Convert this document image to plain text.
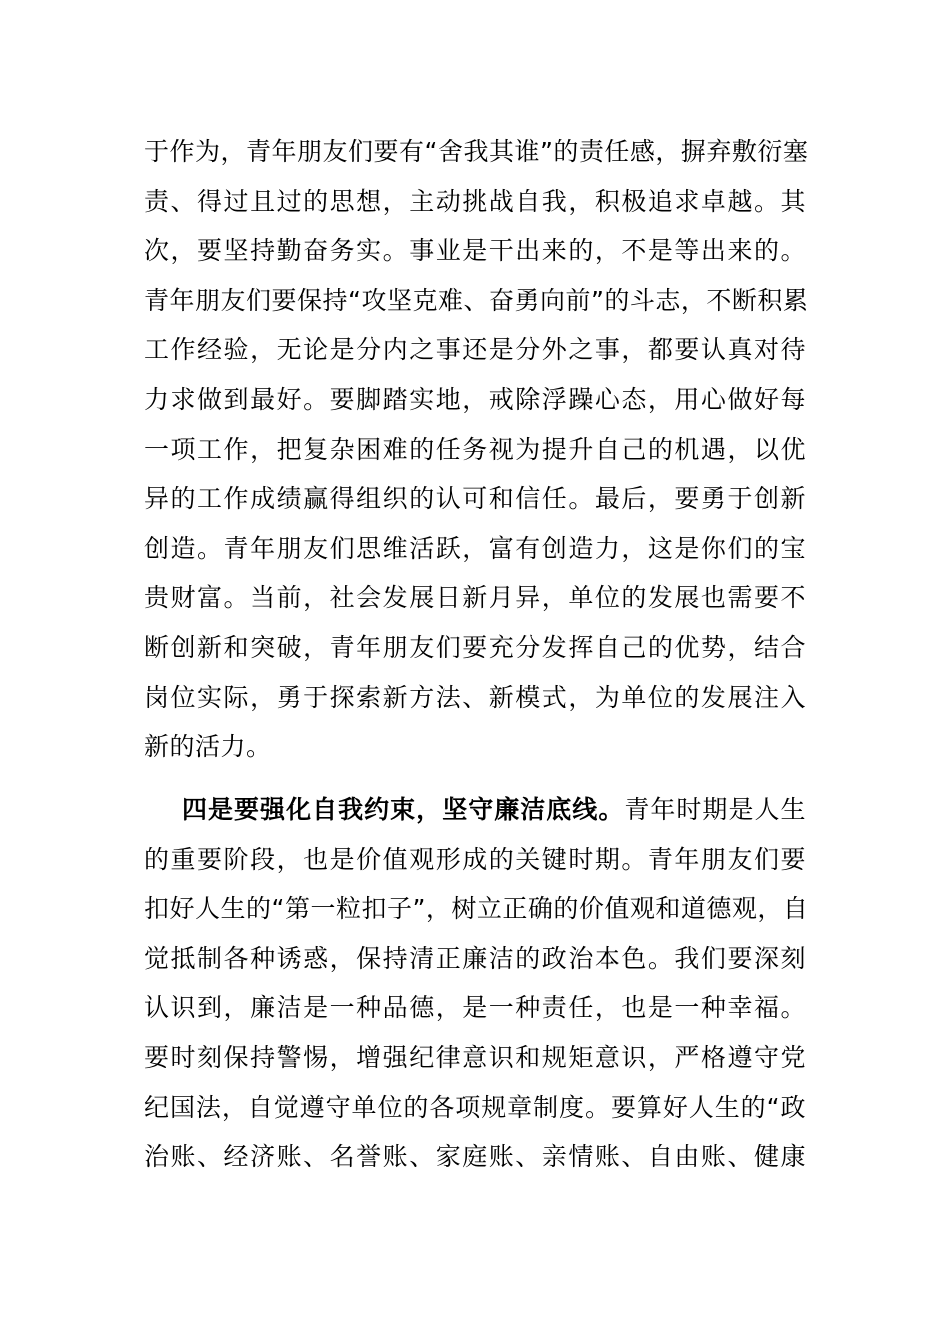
于作为，青年朋友们要有“舍我其谁”的责任感，摒弃敷衍塞
责、得过且过的思想，主动挑战自我，积极追求卓越。其
次，要坚持勤奋务实。事业是干出来的，不是等出来的。
青年朋友们要保持“攻坚克难、奋勇向前”的斗志，不断积累
工作经验，无论是分内之事还是分外之事，都要认真对待
力求做到最好。要脚踏实地，戒除浮躁心态，用心做好每
一项工作，把复杂困难的任务视为提升自己的机遇，以优
异的工作成绩赢得组织的认可和信任。最后，要勇于创新
创造。青年朋友们思维活跃，富有创造力，这是你们的宝
贵财富。当前，社会发展日新月异，单位的发展也需要不
断创新和突破，青年朋友们要充分发挥自己的优势，结合
岗位实际，勇于探索新方法、新模式，为单位的发展注入
新的活力。
四是要强化自我约束，坚守廉洁底线。青年时期是人生
的重要阶段，也是价值观形成的关键时期。青年朋友们要
扣好人生的“第一粒扣子”，树立正确的价值观和道德观，自
觉抵制各种诱惑，保持清正廉洁的政治本色。我们要深刻
认识到，廉洁是一种品德，是一种责任，也是一种幸福。
要时刻保持警惕，增强纪律意识和规矩意识，严格遵守党
纪国法，自觉遵守单位的各项规章制度。要算好人生的“政
治账、经济账、名誉账、家庭账、亲情账、自由账、健康
